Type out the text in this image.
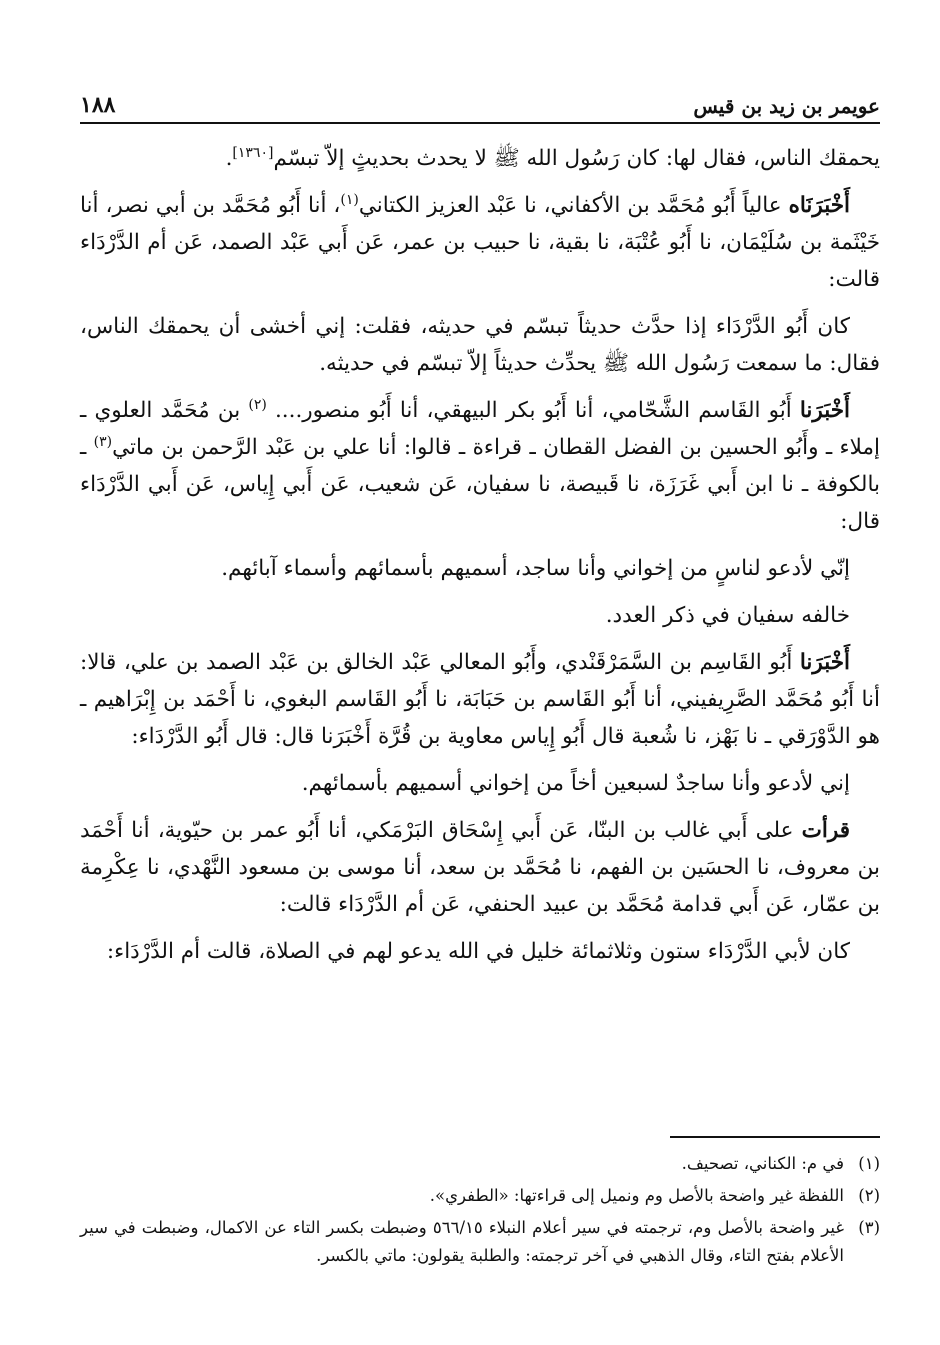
عويمر بن زيد بن قيس
١٨٨

يحمقك الناس، فقال لها: كان رَسُول الله ﷺ لا يحدث بحديثٍ إلاّ تبسّم[١٣٦٠].

أَخْبَرَنَاه عالياً أَبُو مُحَمَّد بن الأكفاني، نا عَبْد العزيز الكتاني$^{(١)}$، أنا أَبُو مُحَمَّد بن أبي نصر، أنا خَيْثَمة بن سُلَيْمَان، نا أَبُو عُتْبَة، نا بقية، نا حبيب بن عمر، عَن أَبي عَبْد الصمد، عَن أم الدَّرْدَاء قالت:

كان أَبُو الدَّرْدَاء إذا حدَّث حديثاً تبسّم في حديثه، فقلت: إني أخشى أن يحمقك الناس، فقال: ما سمعت رَسُول الله ﷺ يحدِّث حديثاً إلاّ تبسّم في حديثه.

أَخْبَرَنا أَبُو القَاسم الشَّحّامي، أنا أَبُو بكر البيهقي، أنا أَبُو منصور.... $^{(٢)}$ بن مُحَمَّد العلوي ـ إملاء ـ وأَبُو الحسين بن الفضل القطان ـ قراءة ـ قالوا: أنا علي بن عَبْد الرَّحمن بن ماتي$^{(٣)}$ ـ بالكوفة ـ نا ابن أَبي غَرَزَة، نا قَبيصة، نا سفيان، عَن شعيب، عَن أَبي إِياس، عَن أَبي الدَّرْدَاء قال:

إنّي لأدعو لناسٍ من إخواني وأنا ساجد، أسميهم بأسمائهم وأسماء آبائهم.

خالفه سفيان في ذكر العدد.

أَخْبَرَنا أَبُو القَاسِم بن السَّمَرْقَنْدي، وأَبُو المعالي عَبْد الخالق بن عَبْد الصمد بن علي، قالا: أنا أَبُو مُحَمَّد الصَّرِيفيني، أنا أَبُو القَاسم بن حَبَابَة، نا أَبُو القَاسم البغوي، نا أَحْمَد بن إِبْرَاهيم ـ هو الدَّوْرَقي ـ نا بَهْز، نا شُعبة قال أَبُو إِياس معاوية بن قُرَّة أَخْبَرَنا قال: قال أَبُو الدَّرْدَاء:

إني لأدعو وأنا ساجدٌ لسبعين أخاً من إخواني أسميهم بأسمائهم.

قرأت على أَبي غالب بن البنّا، عَن أَبي إِسْحَاق البَرْمَكي، أنا أَبُو عمر بن حيّوية، أنا أَحْمَد بن معروف، نا الحسَين بن الفهم، نا مُحَمَّد بن سعد، أنا موسى بن مسعود النَّهْدي، نا عِكْرِمة بن عمّار، عَن أَبي قدامة مُحَمَّد بن عبيد الحنفي، عَن أم الدَّرْدَاء قالت:

كان لأبي الدَّرْدَاء ستون وثلاثمائة خليل في الله يدعو لهم في الصلاة، قالت أم الدَّرْدَاء:

(١)
في م: الكناني، تصحيف.
(٢)
اللفظة غير واضحة بالأصل وم ونميل إلى قراءتها: «الطفري».
(٣)
غير واضحة بالأصل وم، ترجمته في سير أعلام النبلاء ٥٦٦/١٥ وضبطت بكسر التاء عن الاكمال، وضبطت في سير الأعلام بفتح التاء، وقال الذهبي في آخر ترجمته: والطلبة يقولون: ماتي بالكسر.
